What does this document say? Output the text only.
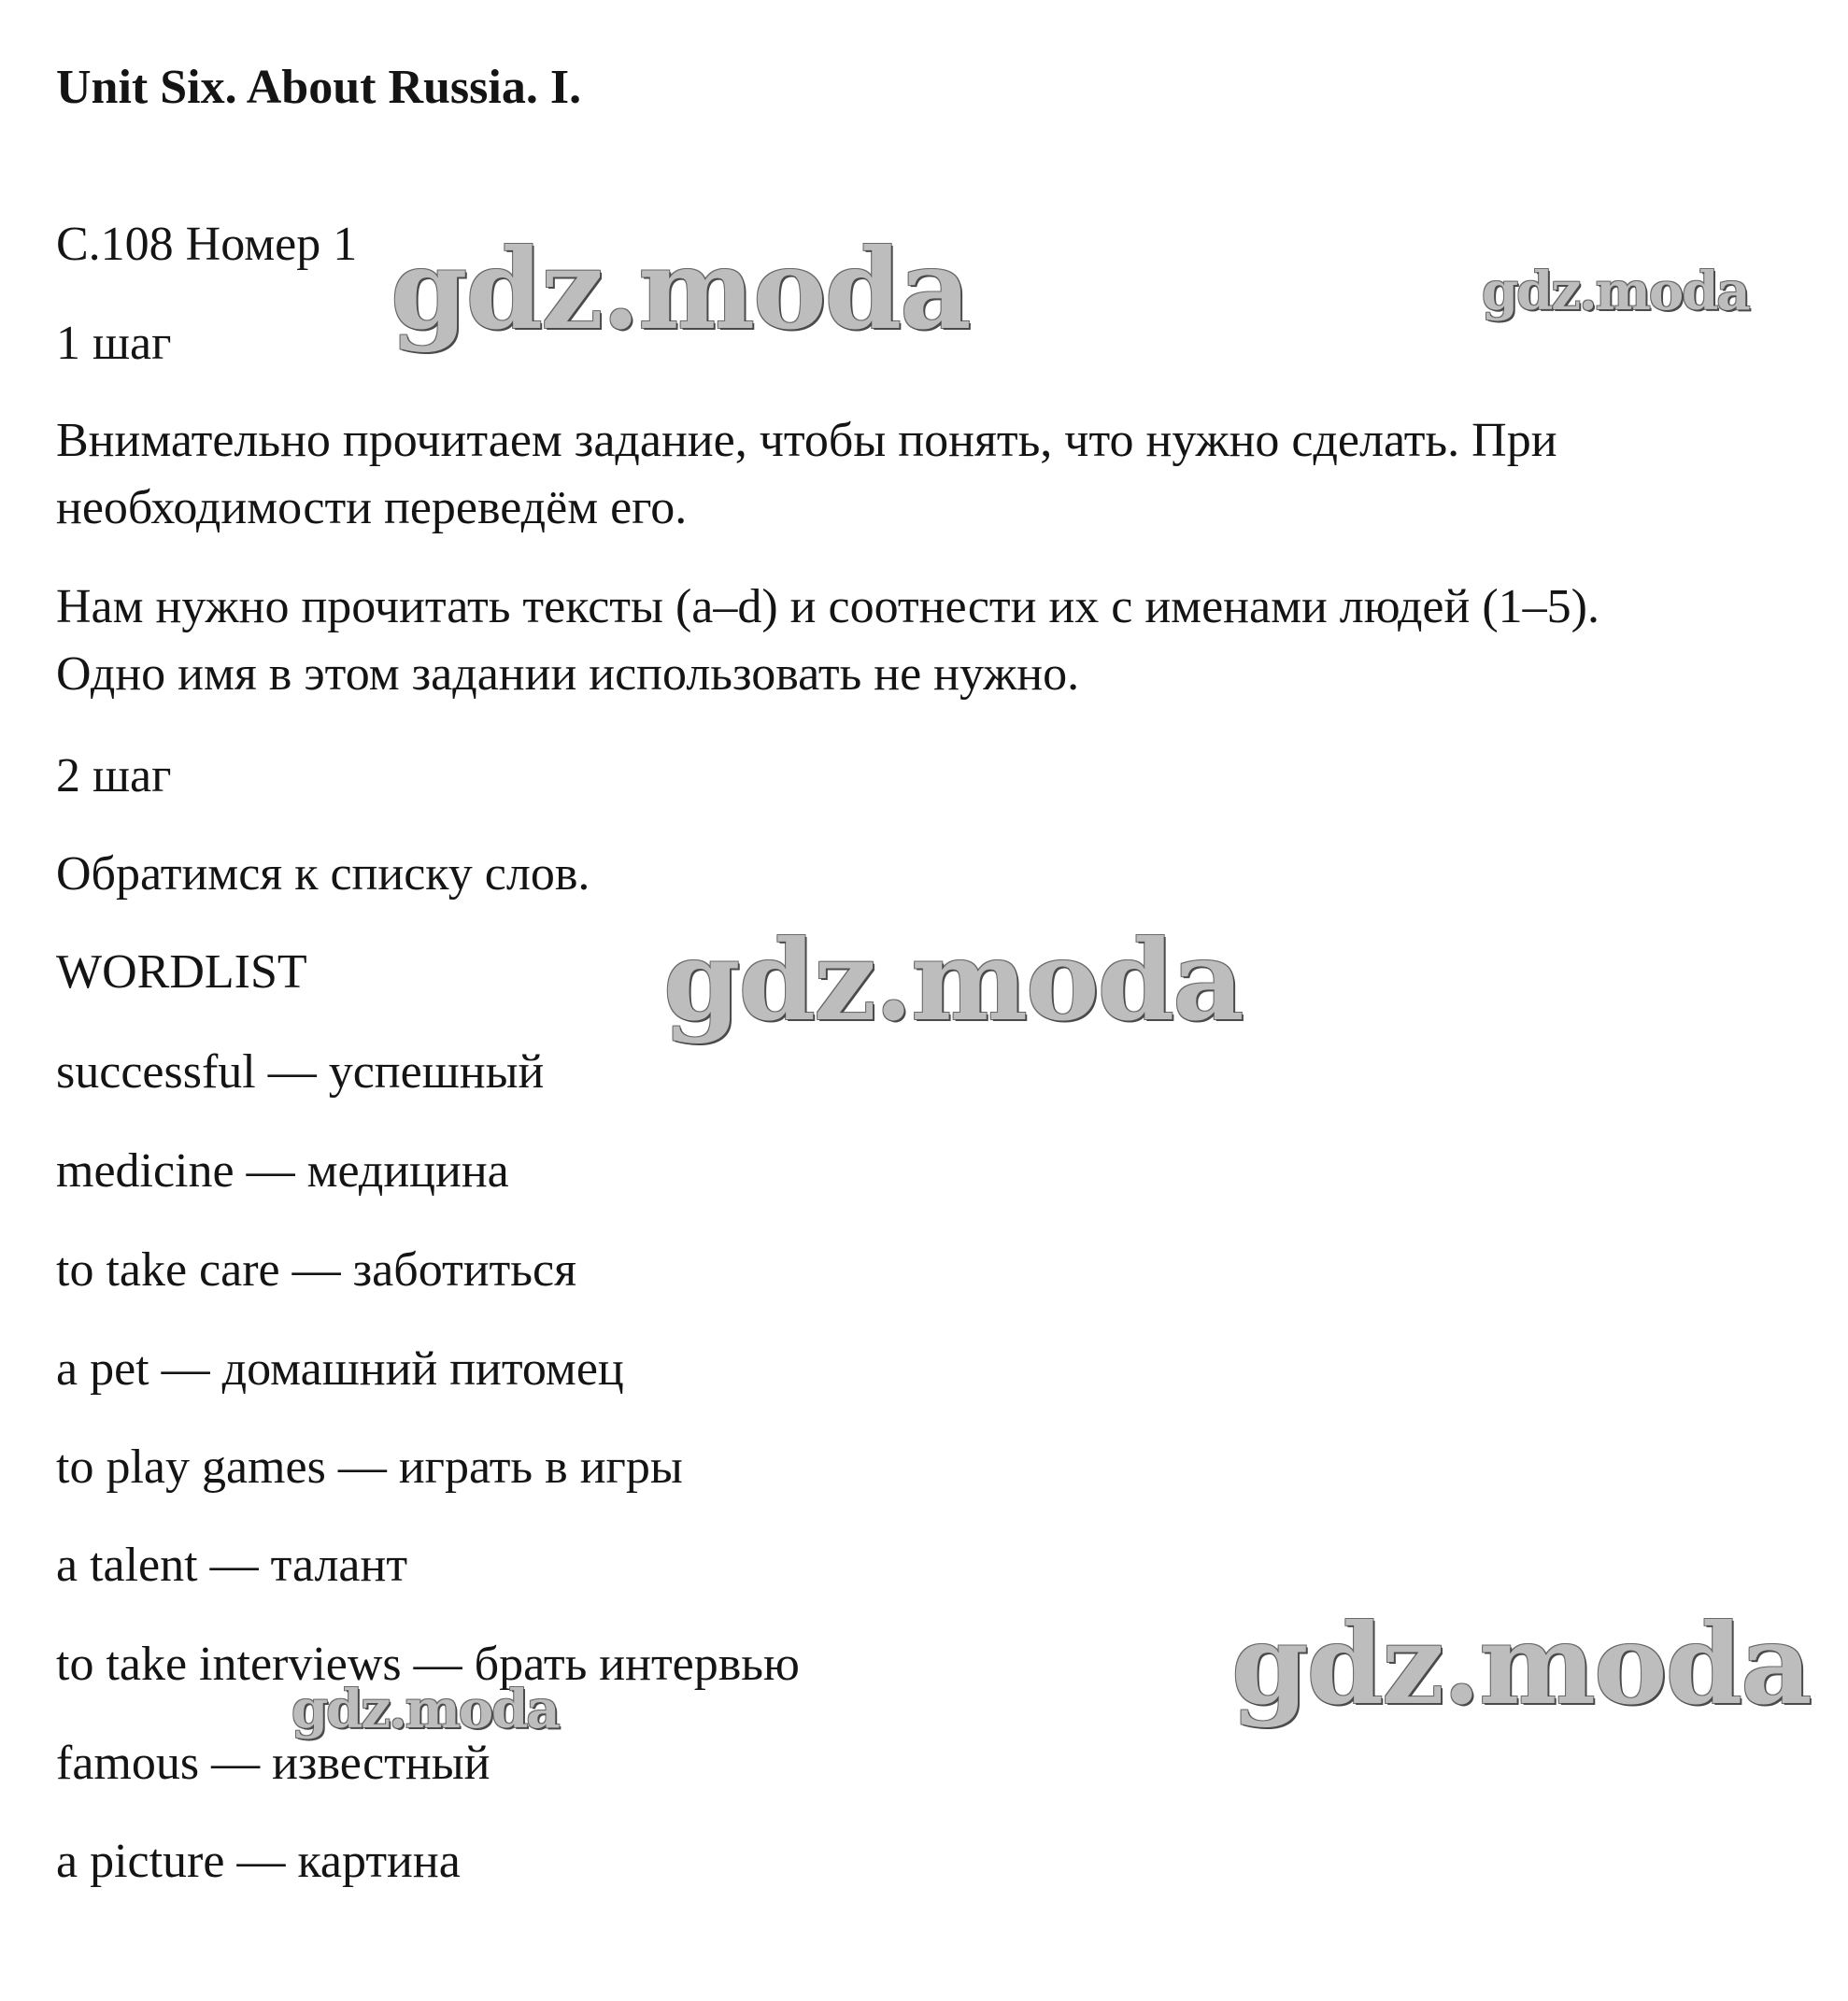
Unit Six. About Russia. I.

С.108 Номер 1

1 шаг

Внимательно прочитаем задание, чтобы понять, что нужно сделать. При

необходимости переведём его.

Нам нужно прочитать тексты (a–d) и соотнести их с именами людей (1–5).

Одно имя в этом задании использовать не нужно.

2 шаг

Обратимся к списку слов.

WORDLIST

successful — успешный

medicine — медицина

to take care — заботиться

a pet — домашний питомец

to play games — играть в игры

a talent — талант

to take interviews — брать интервью

famous — известный

a picture — картина

gdz.moda	gdz.moda
gdz.moda
gdz.moda
gdz.moda
